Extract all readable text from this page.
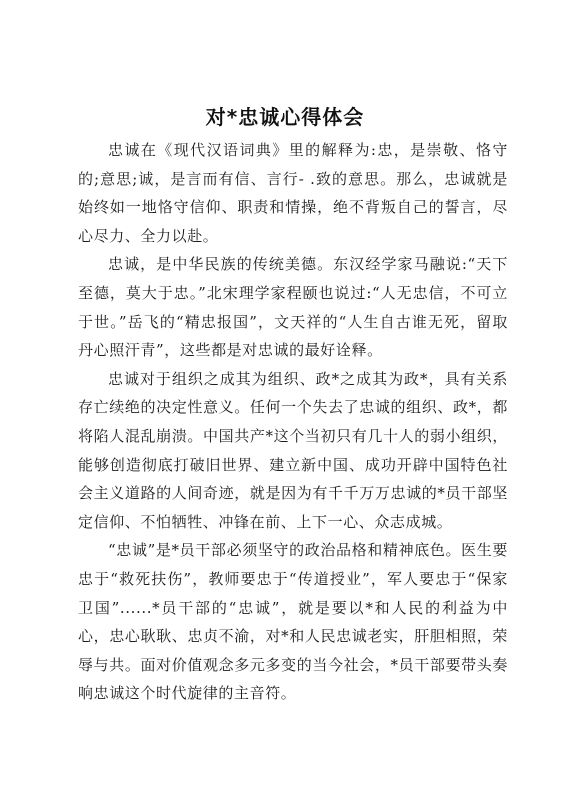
对*忠诚心得体会

忠诚在《现代汉语词典》里的解释为:忠，是崇敬、恪守的;意思;诚，是言而有信、言行- .致的意思。那么，忠诚就是始终如一地恪守信仰、职责和情操，绝不背叛自己的誓言，尽心尽力、全力以赴。

忠诚，是中华民族的传统美德。东汉经学家马融说:“天下至德，莫大于忠。”北宋理学家程颐也说过:“人无忠信，不可立于世。”岳飞的“精忠报国”，文天祥的“人生自古谁无死，留取丹心照汗青”，这些都是对忠诚的最好诠释。

忠诚对于组织之成其为组织、政*之成其为政*，具有关系存亡续绝的决定性意义。任何一个失去了忠诚的组织、政*，都将陷人混乱崩溃。中国共产*这个当初只有几十人的弱小组织，能够创造彻底打破旧世界、建立新中国、成功开辟中国特色社会主义道路的人间奇迹，就是因为有千千万万忠诚的*员干部坚定信仰、不怕牺牲、冲锋在前、上下一心、众志成城。

“忠诚”是*员干部必须坚守的政治品格和精神底色。医生要忠于“救死扶伤”，教师要忠于“传道授业”，军人要忠于“保家卫国”......*员干部的“忠诚”，就是要以*和人民的利益为中心，忠心耿耿、忠贞不渝，对*和人民忠诚老实，肝胆相照，荣辱与共。面对价值观念多元多变的当今社会，*员干部要带头奏响忠诚这个时代旋律的主音符。
